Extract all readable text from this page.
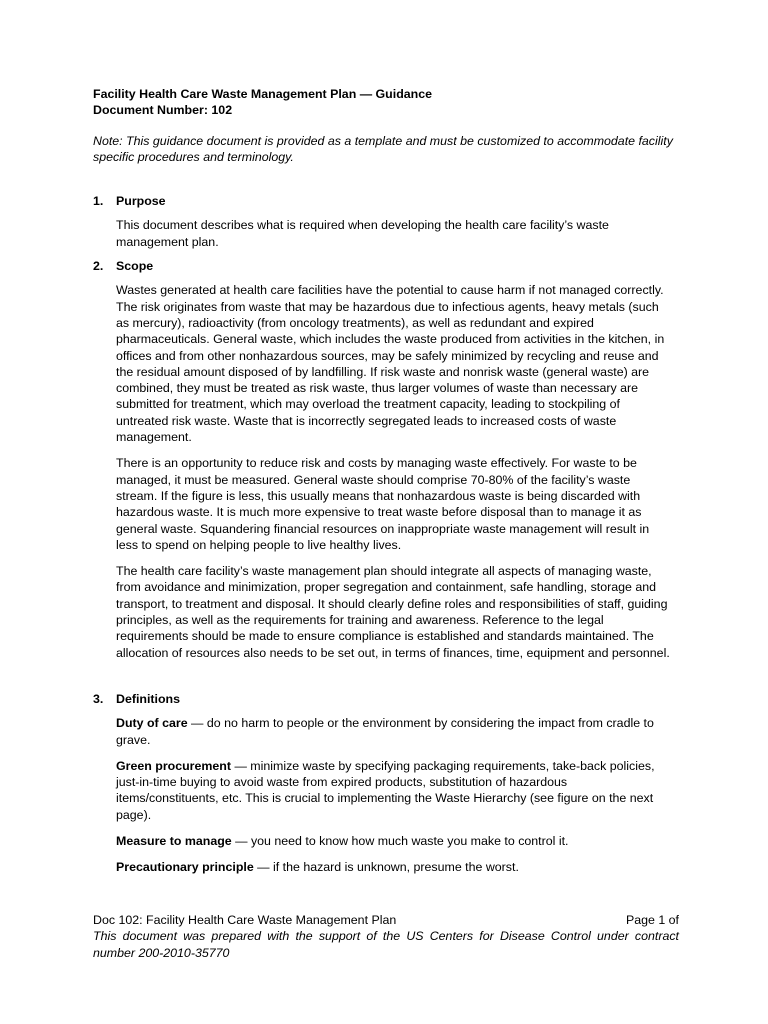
Facility Health Care Waste Management Plan — Guidance
Document Number: 102
Note: This guidance document is provided as a template and must be customized to accommodate facility specific procedures and terminology.
1. Purpose
This document describes what is required when developing the health care facility’s waste management plan.
2. Scope
Wastes generated at health care facilities have the potential to cause harm if not managed correctly. The risk originates from waste that may be hazardous due to infectious agents, heavy metals (such as mercury), radioactivity (from oncology treatments), as well as redundant and expired pharmaceuticals. General waste, which includes the waste produced from activities in the kitchen, in offices and from other nonhazardous sources, may be safely minimized by recycling and reuse and the residual amount disposed of by landfilling. If risk waste and nonrisk waste (general waste) are combined, they must be treated as risk waste, thus larger volumes of waste than necessary are submitted for treatment, which may overload the treatment capacity, leading to stockpiling of untreated risk waste. Waste that is incorrectly segregated leads to increased costs of waste management.
There is an opportunity to reduce risk and costs by managing waste effectively. For waste to be managed, it must be measured. General waste should comprise 70-80% of the facility’s waste stream. If the figure is less, this usually means that nonhazardous waste is being discarded with hazardous waste. It is much more expensive to treat waste before disposal than to manage it as general waste. Squandering financial resources on inappropriate waste management will result in less to spend on helping people to live healthy lives.
The health care facility’s waste management plan should integrate all aspects of managing waste, from avoidance and minimization, proper segregation and containment, safe handling, storage and transport, to treatment and disposal. It should clearly define roles and responsibilities of staff, guiding principles, as well as the requirements for training and awareness. Reference to the legal requirements should be made to ensure compliance is established and standards maintained. The allocation of resources also needs to be set out, in terms of finances, time, equipment and personnel.
3. Definitions
Duty of care — do no harm to people or the environment by considering the impact from cradle to grave.
Green procurement — minimize waste by specifying packaging requirements, take-back policies, just-in-time buying to avoid waste from expired products, substitution of hazardous items/constituents, etc. This is crucial to implementing the Waste Hierarchy (see figure on the next page).
Measure to manage — you need to know how much waste you make to control it.
Precautionary principle — if the hazard is unknown, presume the worst.
Doc 102: Facility Health Care Waste Management Plan	Page 1 of
This document was prepared with the support of the US Centers for Disease Control under contract number 200-2010-35770
